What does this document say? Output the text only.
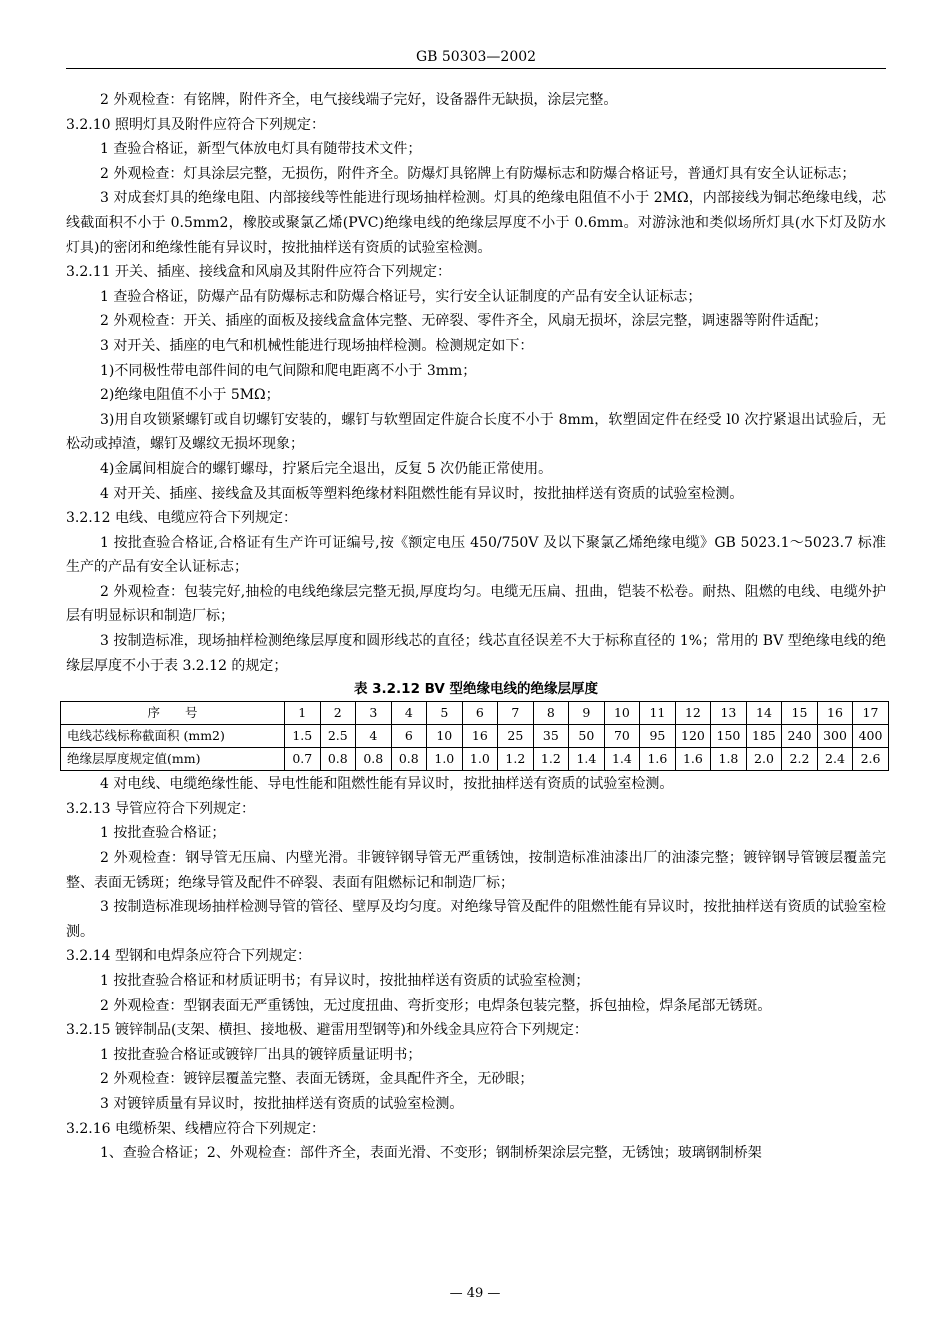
GB 50303—2002

2 外观检查：有铭牌，附件齐全，电气接线端子完好，设备器件无缺损，涂层完整。

3.2.10 照明灯具及附件应符合下列规定：

1 查验合格证，新型气体放电灯具有随带技术文件；

2 外观检查：灯具涂层完整，无损伤，附件齐全。防爆灯具铭牌上有防爆标志和防爆合格证号，普通灯具有安全认证标志；

3 对成套灯具的绝缘电阻、内部接线等性能进行现场抽样检测。灯具的绝缘电阻值不小于 2MΩ，内部接线为铜芯绝缘电线，芯线截面积不小于 0.5mm2，橡胶或聚氯乙烯(PVC)绝缘电线的绝缘层厚度不小于 0.6mm。对游泳池和类似场所灯具(水下灯及防水灯具)的密闭和绝缘性能有异议时，按批抽样送有资质的试验室检测。

3.2.11 开关、插座、接线盒和风扇及其附件应符合下列规定：

1 查验合格证，防爆产品有防爆标志和防爆合格证号，实行安全认证制度的产品有安全认证标志；

2 外观检查：开关、插座的面板及接线盒盒体完整、无碎裂、零件齐全，风扇无损坏，涂层完整，调速器等附件适配；

3 对开关、插座的电气和机械性能进行现场抽样检测。检测规定如下：

1)不同极性带电部件间的电气间隙和爬电距离不小于 3mm；

2)绝缘电阻值不小于 5MΩ；

3)用自攻锁紧螺钉或自切螺钉安装的，螺钉与软塑固定件旋合长度不小于 8mm，软塑固定件在经受 l0 次拧紧退出试验后，无松动或掉渣，螺钉及螺纹无损坏现象；

4)金属间相旋合的螺钉螺母，拧紧后完全退出，反复 5 次仍能正常使用。

4 对开关、插座、接线盒及其面板等塑料绝缘材料阻燃性能有异议时，按批抽样送有资质的试验室检测。

3.2.12 电线、电缆应符合下列规定：

1 按批查验合格证,合格证有生产许可证编号,按《额定电压 450/750V 及以下聚氯乙烯绝缘电缆》GB 5023.1～5023.7 标准生产的产品有安全认证标志；

2 外观检查：包装完好,抽检的电线绝缘层完整无损,厚度均匀。电缆无压扁、扭曲，铠装不松卷。耐热、阻燃的电线、电缆外护层有明显标识和制造厂标；

3 按制造标准，现场抽样检测绝缘层厚度和圆形线芯的直径；线芯直径误差不大于标称直径的 1%；常用的 BV 型绝缘电线的绝缘层厚度不小于表 3.2.12 的规定；

表 3.2.12 BV 型绝缘电线的绝缘层厚度

序　　号	1	2	3	4	5	6	7	8	9	10	11	12	13	14	15	16	17
电线芯线标称截面积 (mm2)	1.5	2.5	4	6	10	16	25	35	50	70	95	120	150	185	240	300	400
绝缘层厚度规定值(mm)	0.7	0.8	0.8	0.8	1.0	1.0	1.2	1.2	1.4	1.4	1.6	1.6	1.8	2.0	2.2	2.4	2.6

4 对电线、电缆绝缘性能、导电性能和阻燃性能有异议时，按批抽样送有资质的试验室检测。

3.2.13 导管应符合下列规定：

1 按批查验合格证；

2 外观检查：钢导管无压扁、内壁光滑。非镀锌钢导管无严重锈蚀，按制造标准油漆出厂的油漆完整；镀锌钢导管镀层覆盖完整、表面无锈斑；绝缘导管及配件不碎裂、表面有阻燃标记和制造厂标；

3 按制造标准现场抽样检测导管的管径、壁厚及均匀度。对绝缘导管及配件的阻燃性能有异议时，按批抽样送有资质的试验室检测。

3.2.14 型钢和电焊条应符合下列规定：

1 按批查验合格证和材质证明书；有异议时，按批抽样送有资质的试验室检测；

2 外观检查：型钢表面无严重锈蚀，无过度扭曲、弯折变形；电焊条包装完整，拆包抽检，焊条尾部无锈斑。

3.2.15 镀锌制品(支架、横担、接地极、避雷用型钢等)和外线金具应符合下列规定：

1 按批查验合格证或镀锌厂出具的镀锌质量证明书；

2 外观检查：镀锌层覆盖完整、表面无锈斑，金具配件齐全，无砂眼；

3 对镀锌质量有异议时，按批抽样送有资质的试验室检测。

3.2.16 电缆桥架、线槽应符合下列规定：

1、查验合格证；2、外观检查：部件齐全，表面光滑、不变形；钢制桥架涂层完整，无锈蚀；玻璃钢制桥架

— 49 —
